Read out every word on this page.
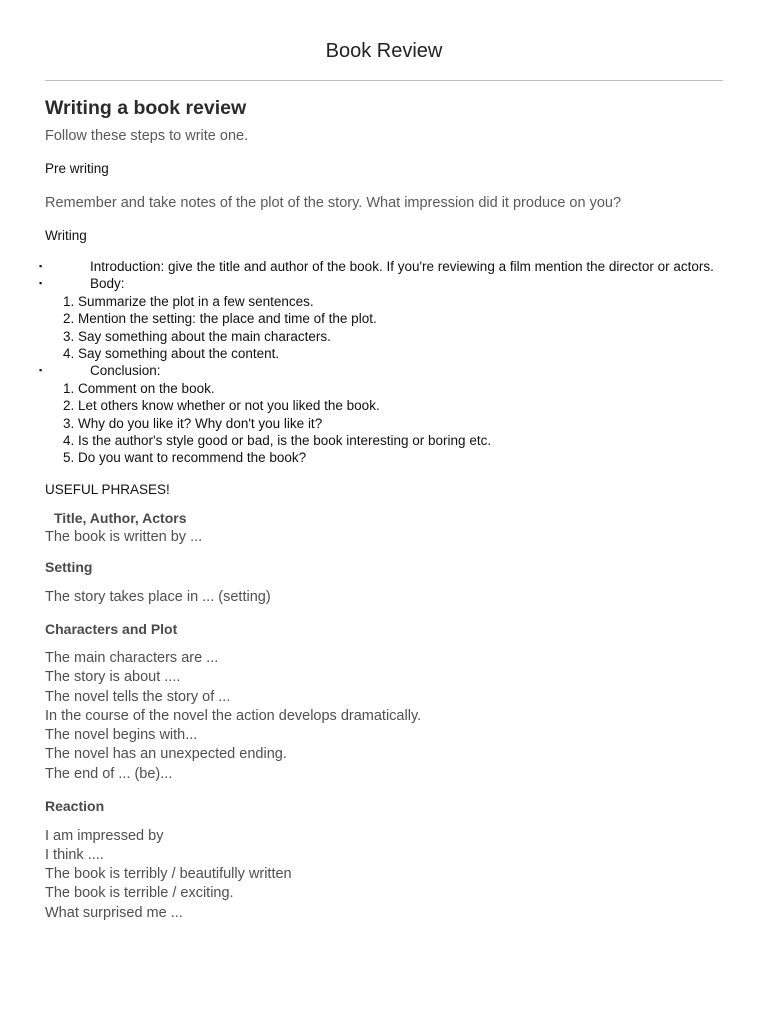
Book Review
Writing a book review
Follow these steps to write one.
Pre writing
Remember and take notes of the plot of the story. What impression did it produce on you?
Writing
▪	Introduction: give the title and author of the book. If you're reviewing a film mention the director or actors.
▪	Body:
1. Summarize the plot in a few sentences.
2. Mention the setting: the place and time of the plot.
3. Say something about the main characters.
4. Say something about the content.
▪	Conclusion:
1. Comment on the book.
2. Let others know whether or not you liked the book.
3. Why do you like it? Why don't you like it?
4. Is the author's style good or bad, is the book interesting or boring etc.
5. Do you want to recommend the book?
USEFUL PHRASES!
Title, Author, Actors
The book is written by ...
Setting
The story takes place in ... (setting)
Characters and Plot
The main characters are ...
The story is about ....
The novel tells the story of ...
In the course of the novel the action develops dramatically.
The novel begins with...
The novel has an unexpected ending.
The end of ... (be)...
Reaction
I am impressed by
I think ....
The book is terribly / beautifully written
The book is terrible / exciting.
What surprised me ...
